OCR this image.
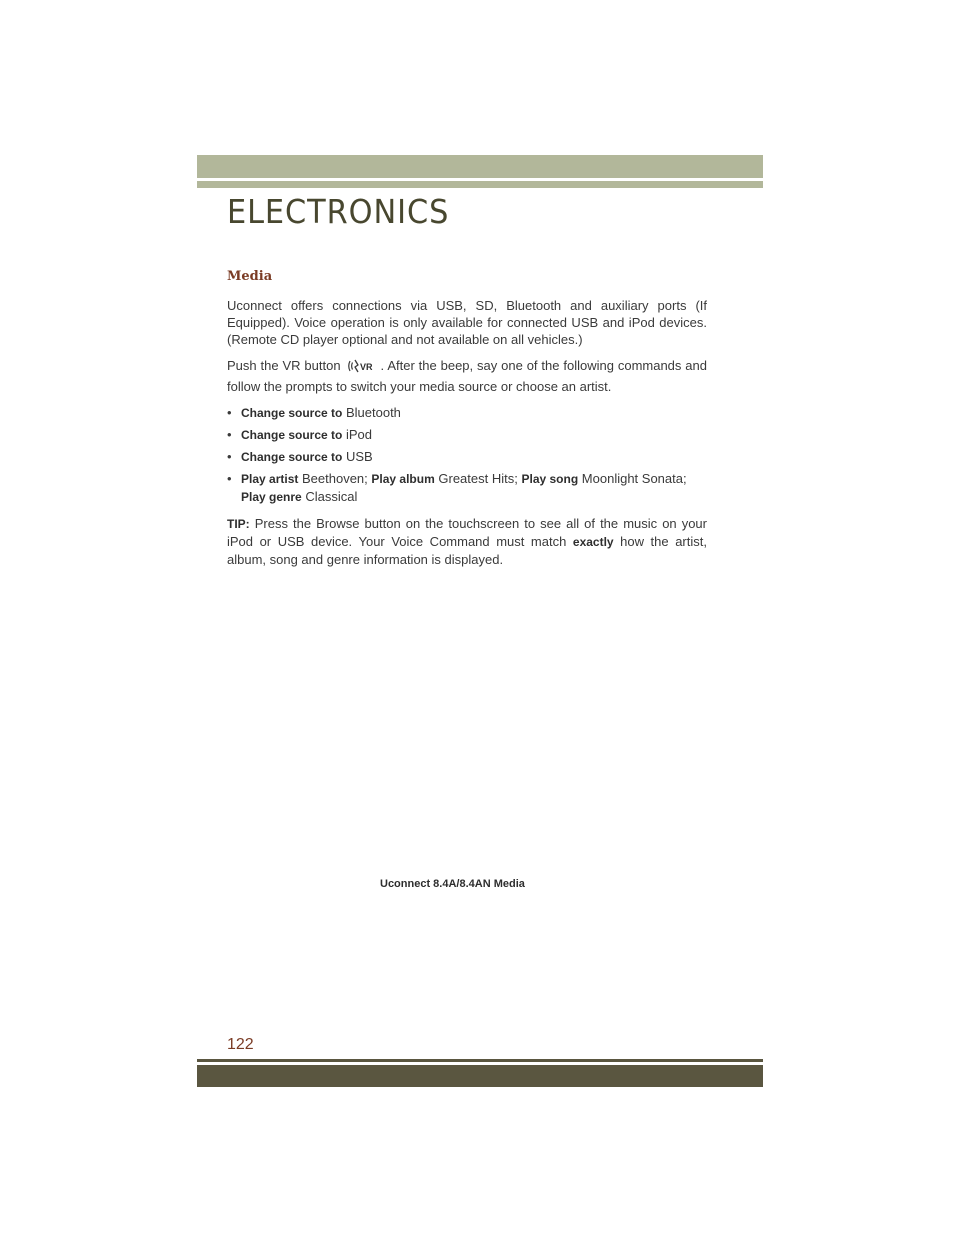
ELECTRONICS
Media

Uconnect offers connections via USB, SD, Bluetooth and auxiliary ports (If Equipped). Voice operation is only available for connected USB and iPod devices. (Remote CD player optional and not available on all vehicles.)

Push the VR button VR . After the beep, say one of the following commands and follow the prompts to switch your media source or choose an artist.

• Change source to Bluetooth
• Change source to iPod
• Change source to USB
• Play artist Beethoven; Play album Greatest Hits; Play song Moonlight Sonata; Play genre Classical

TIP: Press the Browse button on the touchscreen to see all of the music on your iPod or USB device. Your Voice Command must match exactly how the artist, album, song and genre information is displayed.

Uconnect 8.4A/8.4AN Media
122
